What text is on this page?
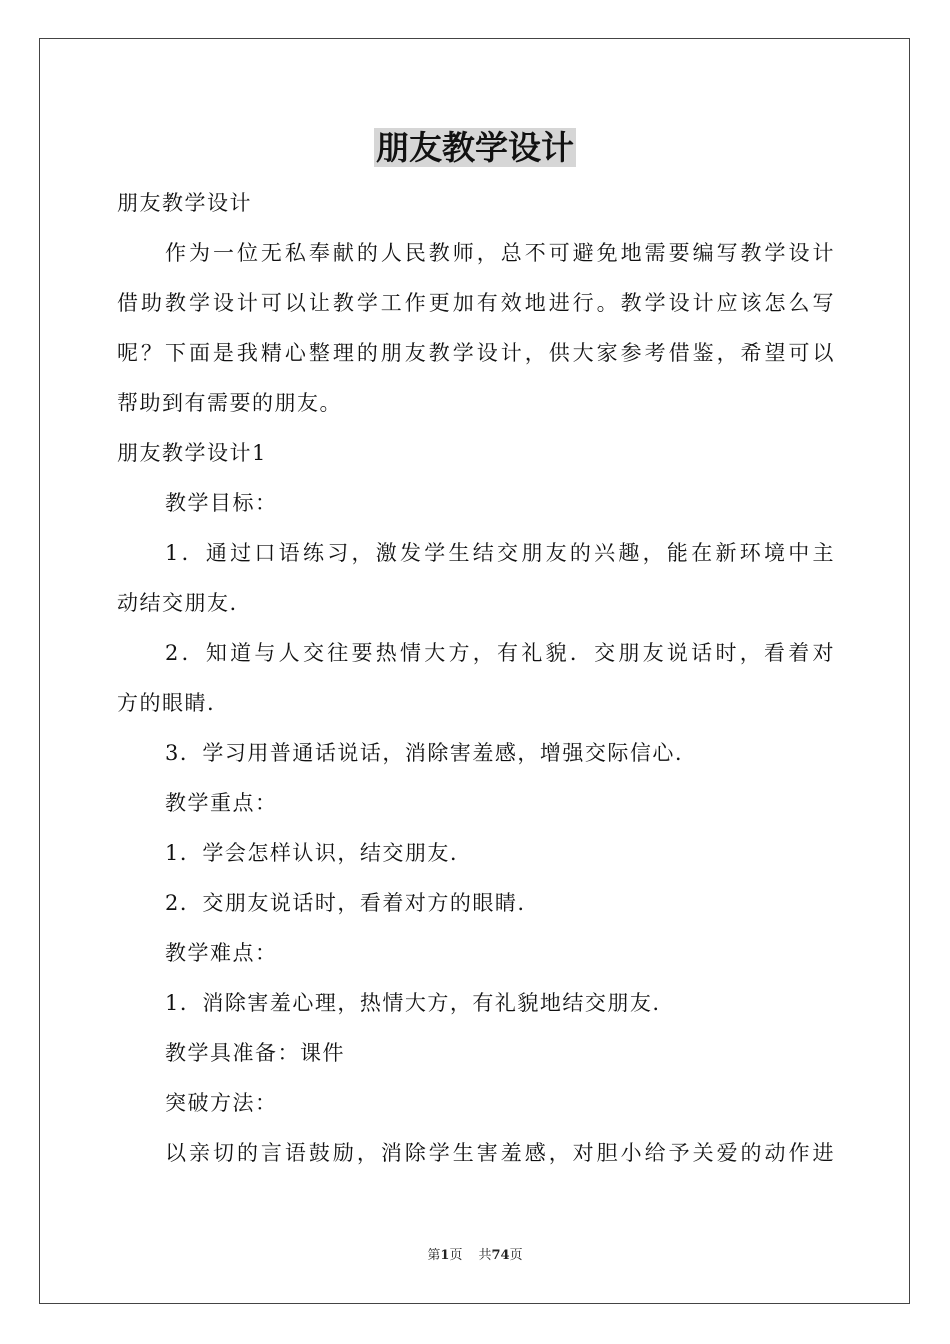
朋友教学设计

朋友教学设计

作为一位无私奉献的人民教师，总不可避免地需要编写教学设计

借助教学设计可以让教学工作更加有效地进行。教学设计应该怎么写

呢？下面是我精心整理的朋友教学设计，供大家参考借鉴，希望可以

帮助到有需要的朋友。

朋友教学设计1

教学目标：

1．通过口语练习，激发学生结交朋友的兴趣，能在新环境中主

动结交朋友.

2．知道与人交往要热情大方，有礼貌．交朋友说话时，看着对

方的眼睛.

3．学习用普通话说话，消除害羞感，增强交际信心.

教学重点：

1．学会怎样认识，结交朋友.

2．交朋友说话时，看着对方的眼睛.

教学难点：

1．消除害羞心理，热情大方，有礼貌地结交朋友.

教学具准备：课件

突破方法：

以亲切的言语鼓励，消除学生害羞感，对胆小给予关爱的动作进

第1页 共74页
